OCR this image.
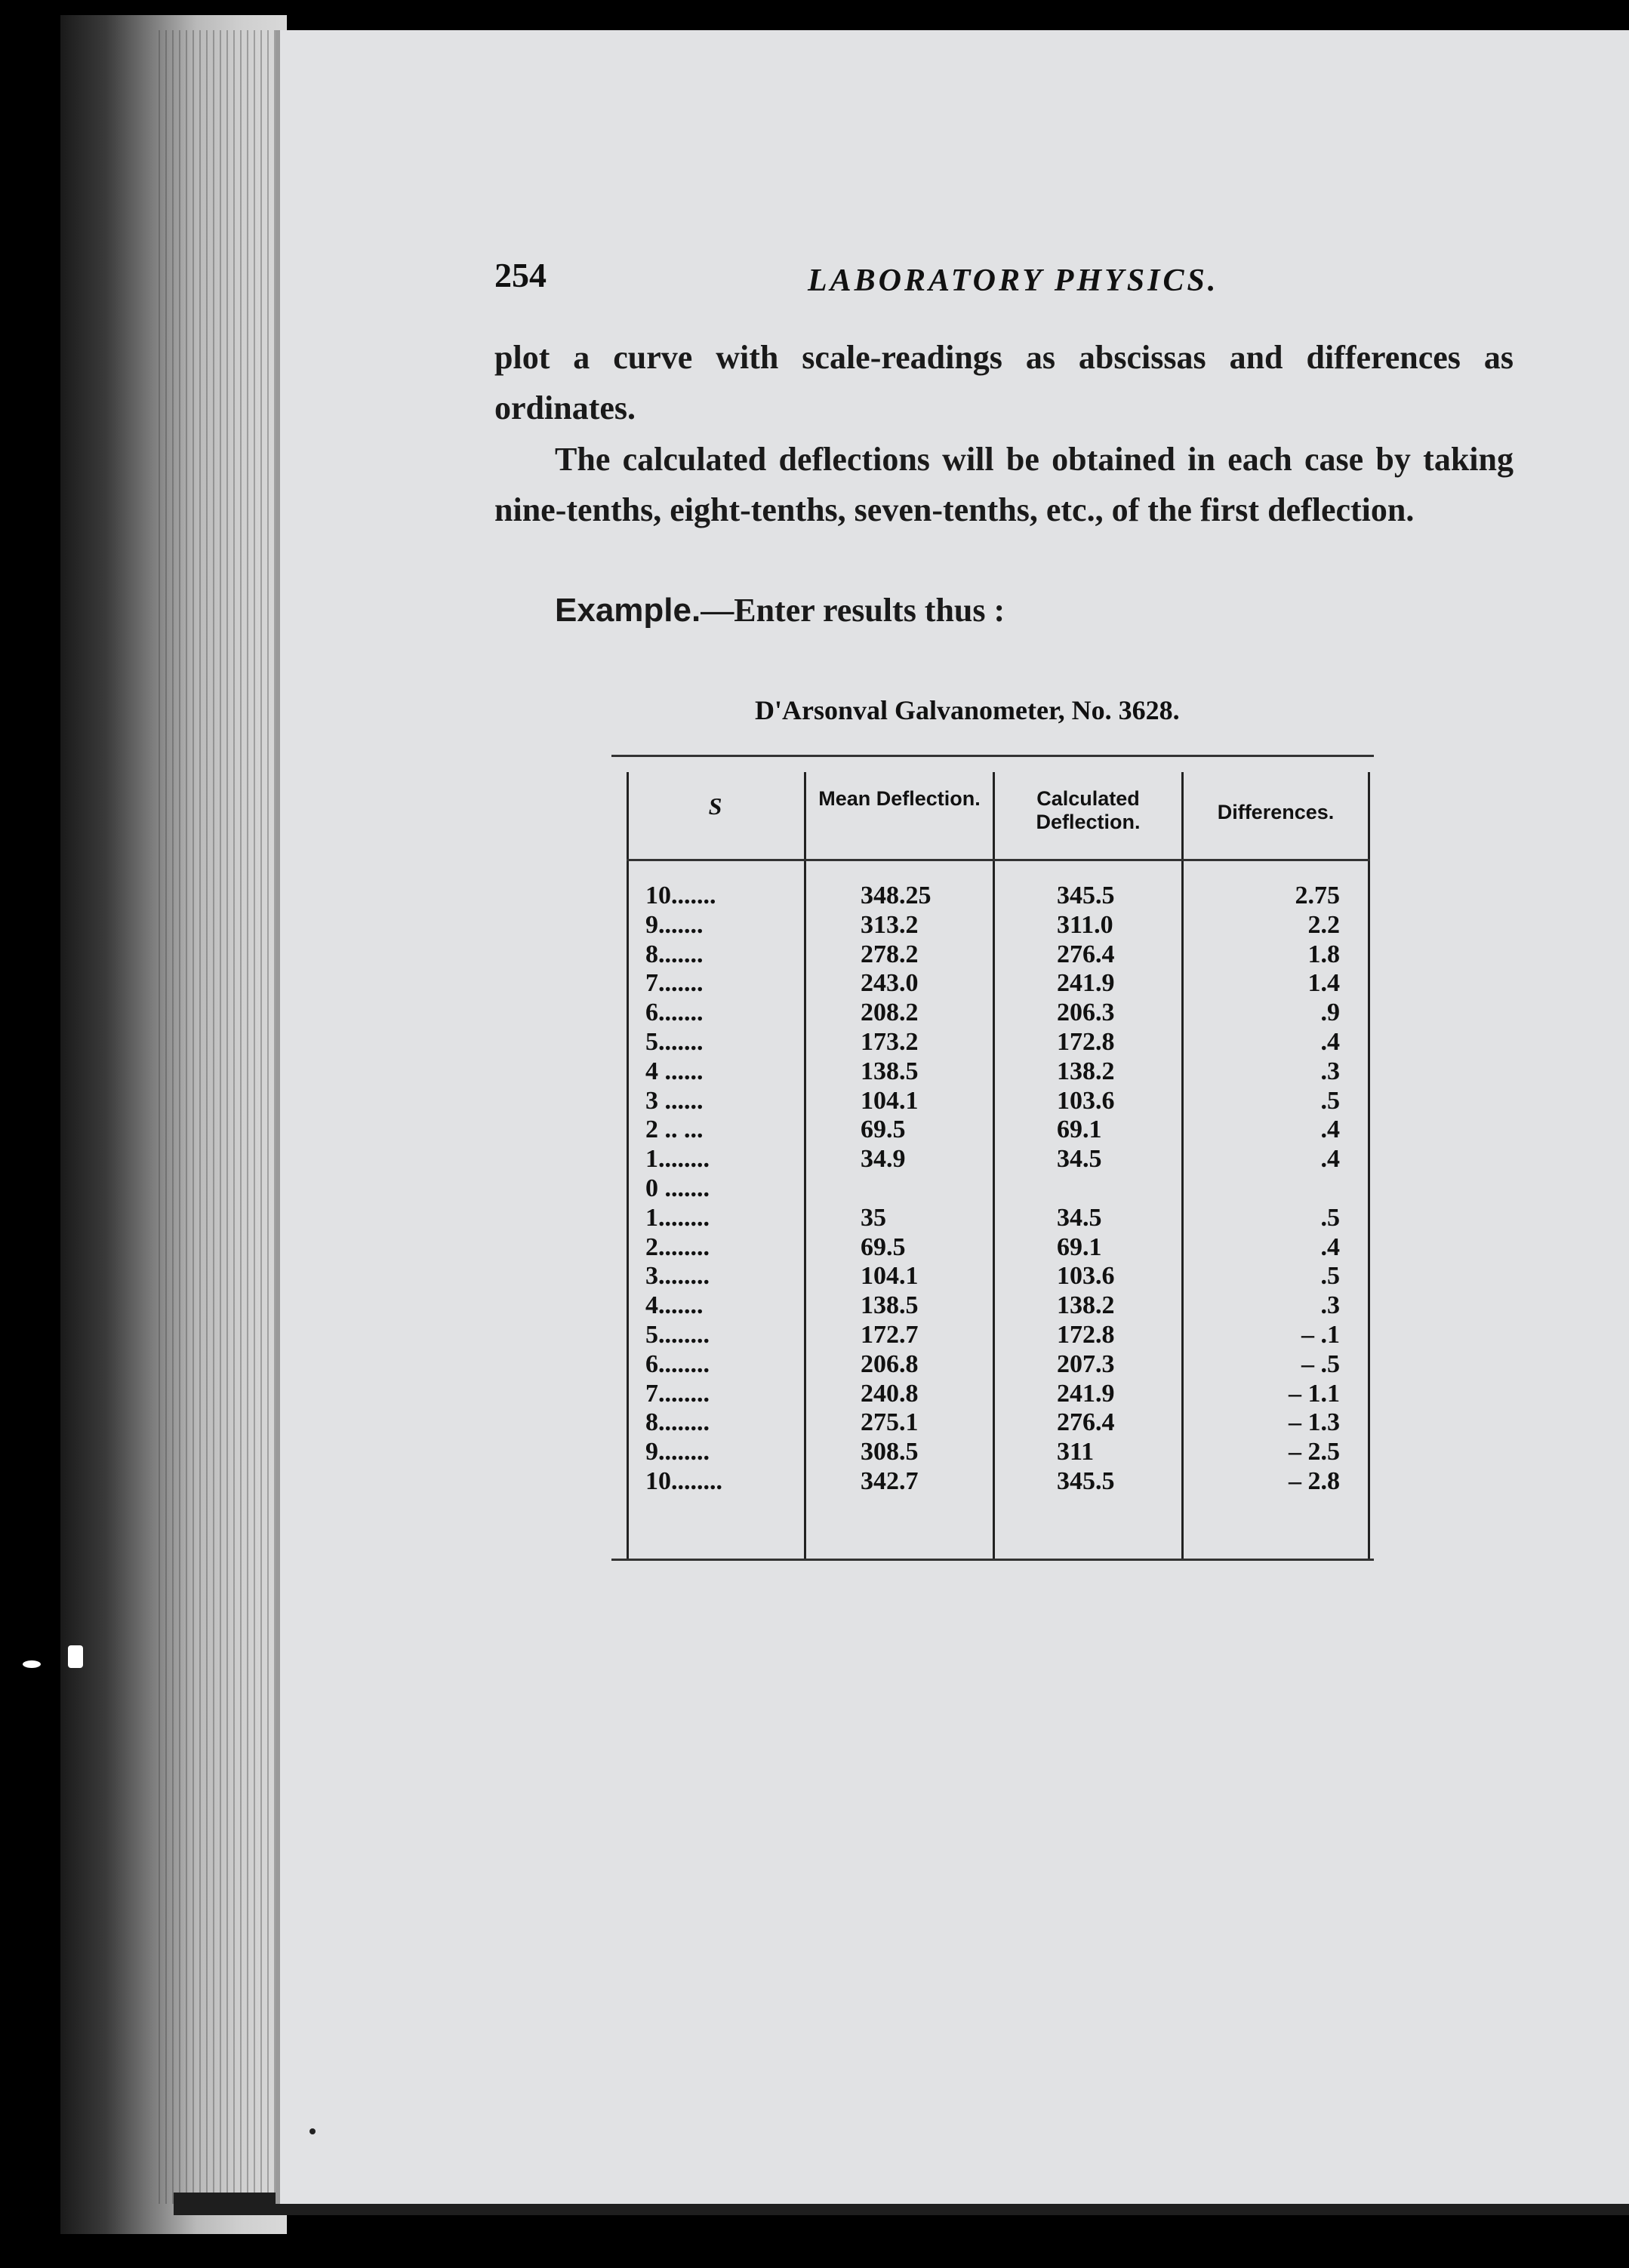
254	LABORATORY PHYSICS.
plot a curve with scale-readings as abscissas and differences as ordinates.
The calculated deflections will be obtained in each case by taking nine-tenths, eight-tenths, seven-tenths, etc., of the first deflection.
Example.—Enter results thus :
D'Arsonval Galvanometer, No. 3628.
S	Mean Deflection.	Calculated Deflection.	Differences.
10.......	348.25	345.5	2.75
9.......	313.2	311.0	2.2
8.......	278.2	276.4	1.8
7.......	243.0	241.9	1.4
6.......	208.2	206.3	.9
5.......	173.2	172.8	.4
4 ......	138.5	138.2	.3
3 ......	104.1	103.6	.5
2 .. ...	69.5	69.1	.4
1........	34.9	34.5	.4
0 .......
1........	35	34.5	.5
2........	69.5	69.1	.4
3........	104.1	103.6	.5
4.......	138.5	138.2	.3
5........	172.7	172.8	– .1
6........	206.8	207.3	– .5
7........	240.8	241.9	– 1.1
8........	275.1	276.4	– 1.3
9........	308.5	311	– 2.5
10........	342.7	345.5	– 2.8
